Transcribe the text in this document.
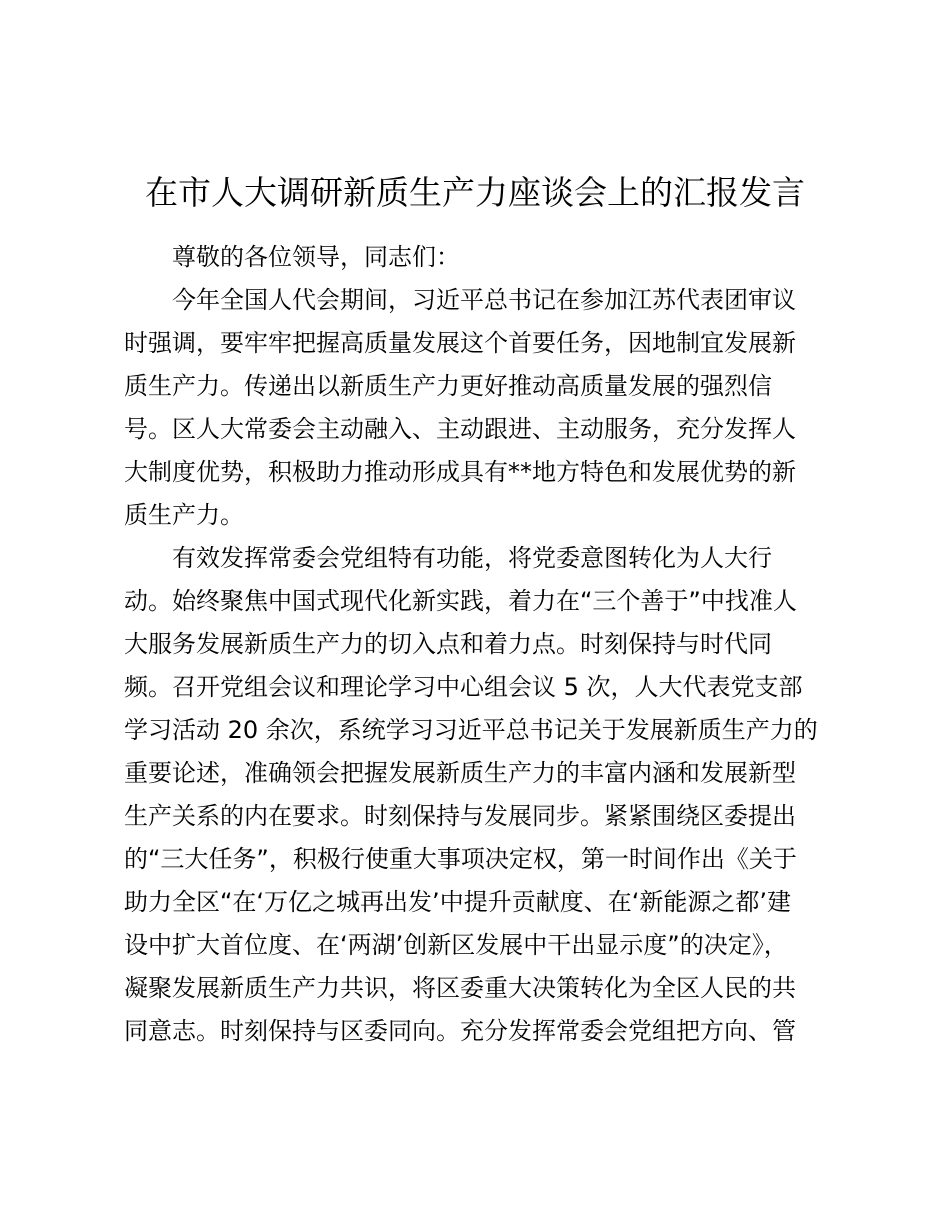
在市人大调研新质生产力座谈会上的汇报发言
尊敬的各位领导，同志们：
今年全国人代会期间，习近平总书记在参加江苏代表团审议
时强调，要牢牢把握高质量发展这个首要任务，因地制宜发展新
质生产力。传递出以新质生产力更好推动高质量发展的强烈信
号。区人大常委会主动融入、主动跟进、主动服务，充分发挥人
大制度优势，积极助力推动形成具有**地方特色和发展优势的新
质生产力。
有效发挥常委会党组特有功能，将党委意图转化为人大行
动。始终聚焦中国式现代化新实践，着力在“三个善于”中找准人
大服务发展新质生产力的切入点和着力点。时刻保持与时代同
频。召开党组会议和理论学习中心组会议 5 次，人大代表党支部
学习活动 20 余次，系统学习习近平总书记关于发展新质生产力的
重要论述，准确领会把握发展新质生产力的丰富内涵和发展新型
生产关系的内在要求。时刻保持与发展同步。紧紧围绕区委提出
的“三大任务”，积极行使重大事项决定权，第一时间作出《关于
助力全区“在‘万亿之城再出发’中提升贡献度、在‘新能源之都’建
设中扩大首位度、在‘两湖’创新区发展中干出显示度”的决定》，
凝聚发展新质生产力共识，将区委重大决策转化为全区人民的共
同意志。时刻保持与区委同向。充分发挥常委会党组把方向、管
